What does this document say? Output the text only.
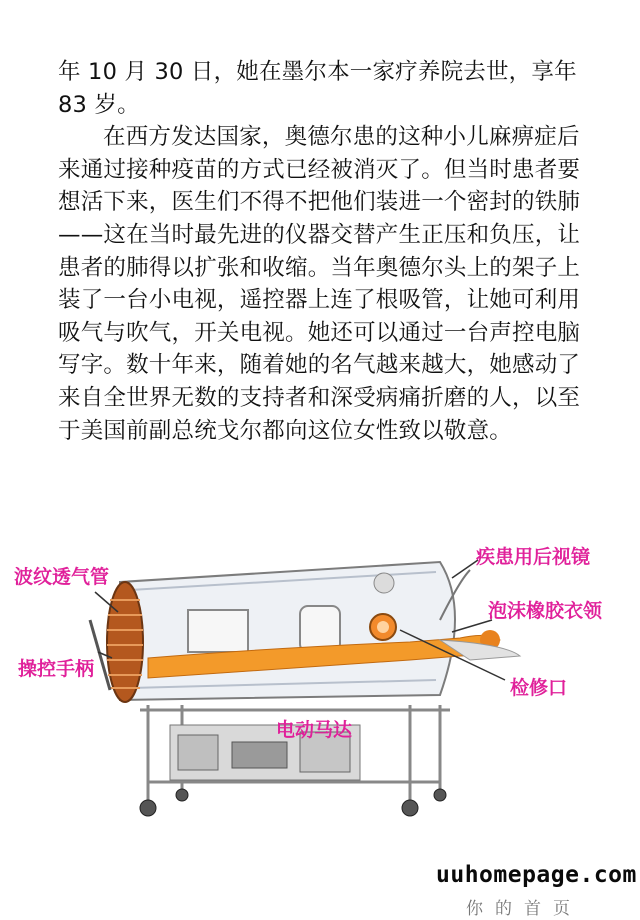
年 10 月 30 日，她在墨尔本一家疗养院去世，享年 83 岁。

在西方发达国家，奥德尔患的这种小儿麻痹症后来通过接种疫苗的方式已经被消灭了。但当时患者要想活下来，医生们不得不把他们装进一个密封的铁肺——这在当时最先进的仪器交替产生正压和负压，让患者的肺得以扩张和收缩。当年奥德尔头上的架子上装了一台小电视，遥控器上连了根吸管，让她可利用吸气与吹气，开关电视。她还可以通过一台声控电脑写字。数十年来，随着她的名气越来越大，她感动了来自全世界无数的支持者和深受病痛折磨的人，以至于美国前副总统戈尔都向这位女性致以敬意。

波纹透气管
操控手柄
疾患用后视镜
泡沫橡胶衣领
检修口
电动马达
uuhomepage.com
你的首页
